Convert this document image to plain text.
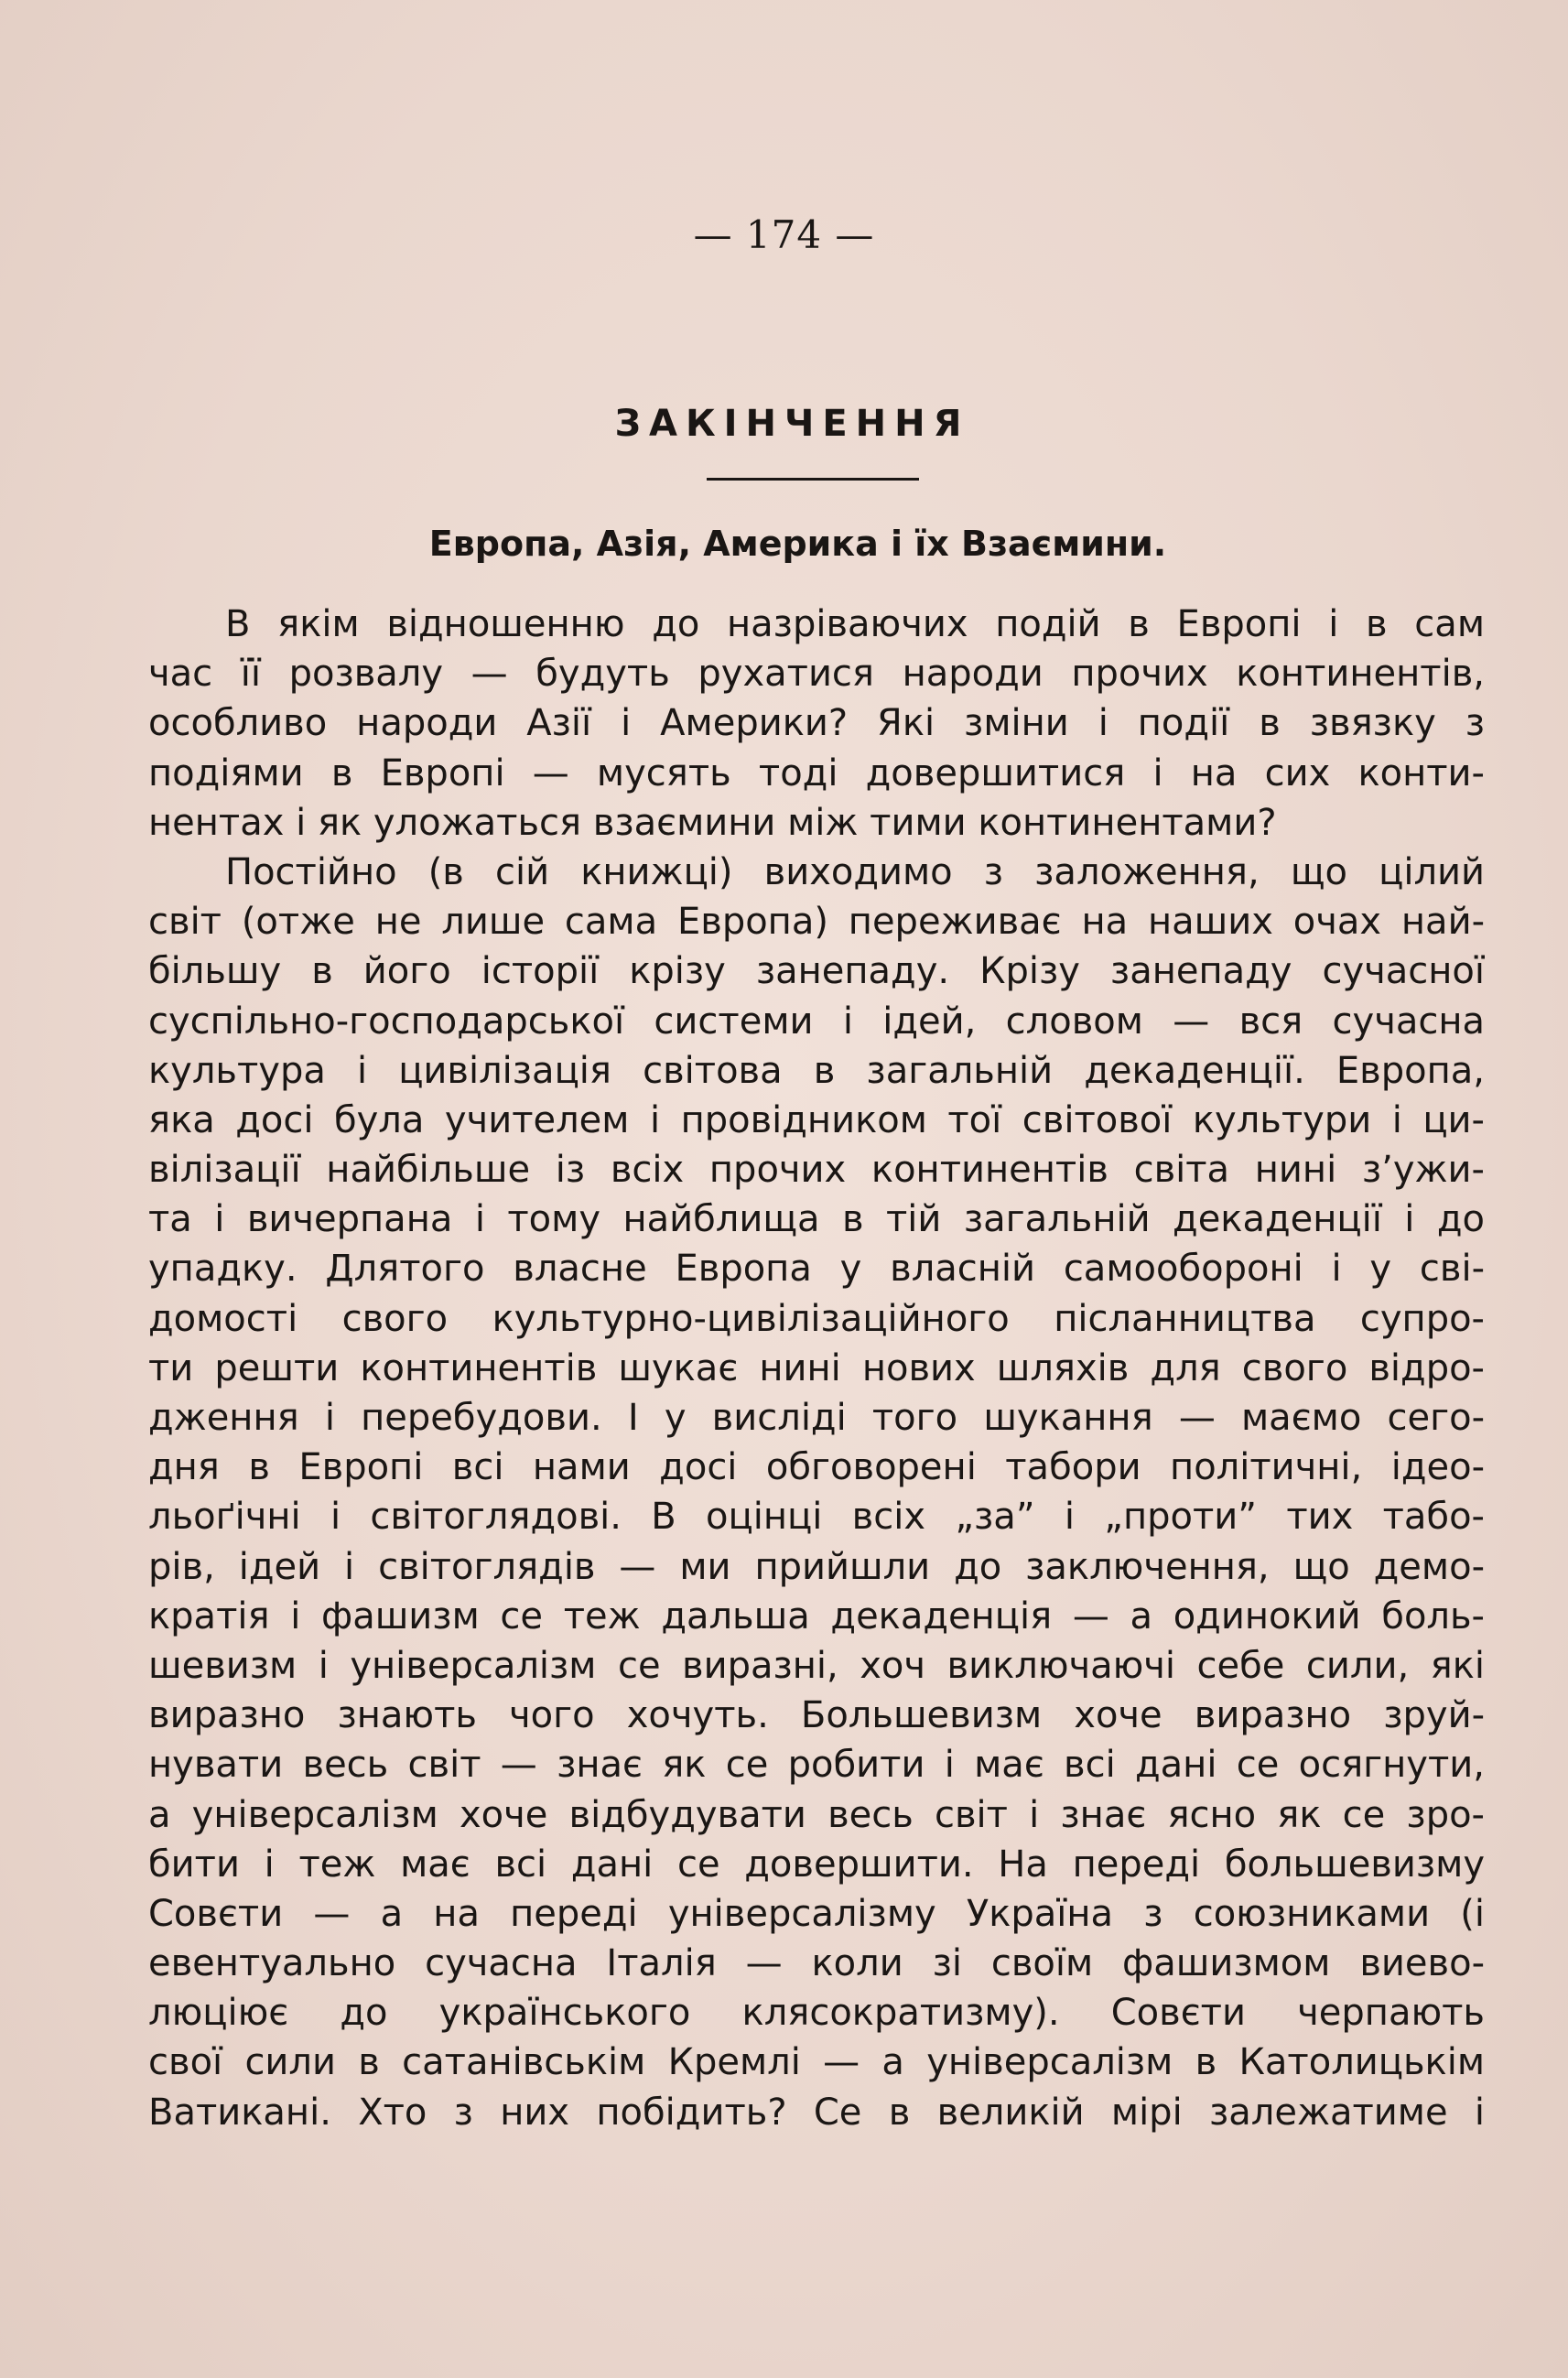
— 174 —
ЗАКІНЧЕННЯ
Европа, Азія, Америка і їх Взаємини.
В якім відношенню до назріваючих подій в Европі і в сам
час її розвалу — будуть рухатися народи прочих континентів,
особливо народи Азії і Америки? Які зміни і події в звязку з
подіями в Европі — мусять тоді довершитися і на сих конти-
нентах і як уложаться взаємини між тими континентами?
Постійно (в сій книжці) виходимо з заложення, що цілий
світ (отже не лише сама Европа) переживає на наших очах най-
більшу в його історії крізу занепаду. Крізу занепаду сучасної
суспільно-господарської системи і ідей, словом — вся сучасна
культура і цивілізація світова в загальній декаденції. Европа,
яка досі була учителем і провідником тої світової культури і ци-
вілізації найбільше із всіх прочих континентів світа нині з’ужи-
та і вичерпана і тому найблища в тій загальній декаденції і до
упадку. Длятого власне Европа у власній самообороні і у сві-
домості свого культурно-цивілізаційного післанництва супро-
ти решти континентів шукає нині нових шляхів для свого відро-
дження і перебудови. І у висліді того шукання — маємо сего-
дня в Европі всі нами досі обговорені табори політичні, ідео-
льоґічні і світоглядові. В оцінці всіх „за” і „проти” тих табо-
рів, ідей і світоглядів — ми прийшли до заключення, що демо-
кратія і фашизм се теж дальша декаденція — а одинокий боль-
шевизм і універсалізм се виразні, хоч виключаючі себе сили, які
виразно знають чого хочуть. Большевизм хоче виразно зруй-
нувати весь світ — знає як се робити і має всі дані се осягнути,
а універсалізм хоче відбудувати весь світ і знає ясно як се зро-
бити і теж має всі дані се довершити. На переді большевизму
Совєти — а на переді універсалізму Україна з союзниками (і
евентуально сучасна Італія — коли зі своїм фашизмом виево-
люціює до українського клясократизму). Совєти черпають
свої сили в сатанівськім Кремлі — а універсалізм в Католицькім
Ватикані. Хто з них побідить? Се в великій мірі залежатиме і
